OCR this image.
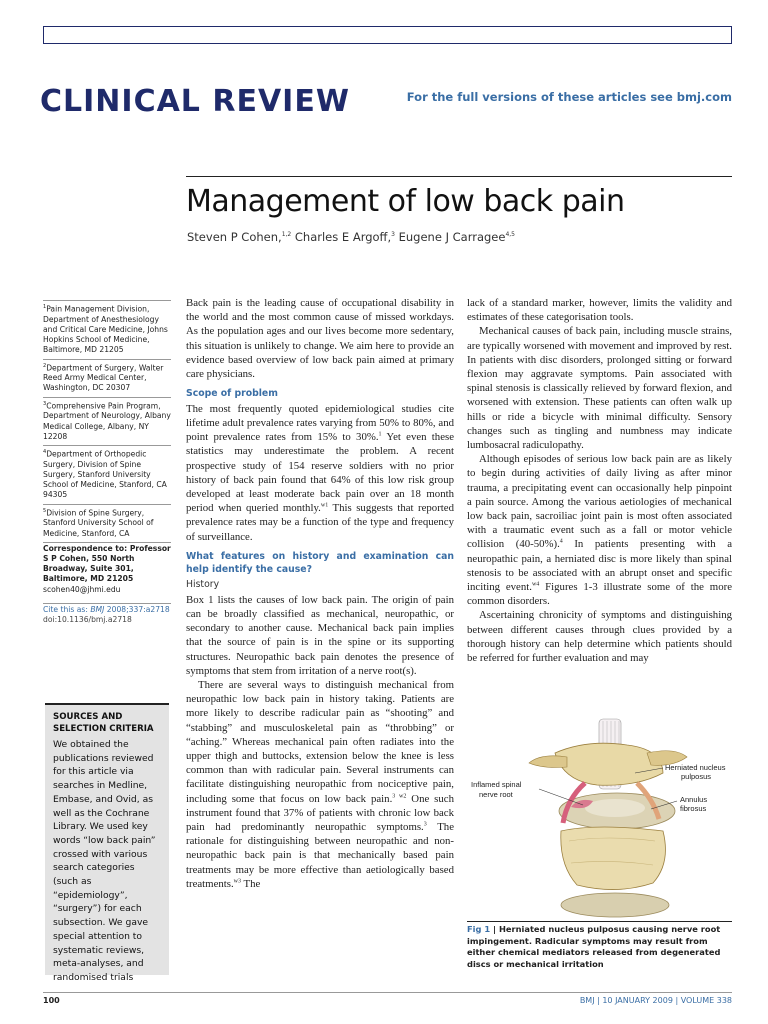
CLINICAL REVIEW	For the full versions of these articles see bmj.com
Management of low back pain
Steven P Cohen,$^{1,2}$ Charles E Argoff,$^3$ Eugene J Carragee$^{4,5}$
$^1$Pain Management Division, Department of Anesthesiology and Critical Care Medicine, Johns Hopkins School of Medicine, Baltimore, MD 21205
$^2$Department of Surgery, Walter Reed Army Medical Center, Washington, DC 20307
$^3$Comprehensive Pain Program, Department of Neurology, Albany Medical College, Albany, NY 12208
$^4$Department of Orthopedic Surgery, Division of Spine Surgery, Stanford University School of Medicine, Stanford, CA 94305
$^5$Division of Spine Surgery, Stanford University School of Medicine, Stanford, CA
Correspondence to: Professor
S P Cohen, 550 North Broadway, Suite 301, Baltimore, MD 21205
scohen40@jhmi.edu
Cite this as: BMJ 2008;337:a2718
doi:10.1136/bmj.a2718
SOURCES AND SELECTION CRITERIA
We obtained the publications reviewed for this article via searches in Medline, Embase, and Ovid, as well as the Cochrane Library. We used key words “low back pain” crossed with various search categories (such as “epidemiology”, “surgery”) for each subsection. We gave special attention to systematic reviews, meta-analyses, and randomised trials

Back pain is the leading cause of occupational disability in the world and the most common cause of missed workdays. As the population ages and our lives become more sedentary, this situation is unlikely to change. We aim here to provide an evidence based overview of low back pain aimed at primary care physicians.

Scope of problem

The most frequently quoted epidemiological studies cite lifetime adult prevalence rates varying from 50% to 80%, and point prevalence rates from 15% to 30%.$^1$ Yet even these statistics may underestimate the problem. A recent prospective study of 154 reserve soldiers with no prior history of back pain found that 64% of this low risk group developed at least moderate back pain over an 18 month period when queried monthly.$^{w1}$ This suggests that reported prevalence rates may be a function of the type and frequency of surveillance.

What features on history and examination can help identify the cause?
History

Box 1 lists the causes of low back pain. The origin of pain can be broadly classified as mechanical, neuropathic, or secondary to another cause. Mechanical back pain implies that the source of pain is in the spine or its supporting structures. Neuropathic back pain denotes the presence of symptoms that stem from irritation of a nerve root(s).

There are several ways to distinguish mechanical from neuropathic low back pain in history taking. Patients are more likely to describe radicular pain as “shooting” and “stabbing” and musculoskeletal pain as “throbbing” or “aching.” Whereas mechanical pain often radiates into the upper thigh and buttocks, extension below the knee is less common than with radicular pain. Several instruments can facilitate distinguishing neuropathic from nociceptive pain, including some that focus on low back pain.$^{3 w2}$ One such instrument found that 37% of patients with chronic low back pain had predominantly neuropathic symptoms.$^3$ The rationale for distinguishing between neuropathic and non-neuropathic back pain is that mechanically based pain treatments may be more effective than aetiologically based treatments.$^{w3}$ The

lack of a standard marker, however, limits the validity and estimates of these categorisation tools.

Mechanical causes of back pain, including muscle strains, are typically worsened with movement and improved by rest. In patients with disc disorders, prolonged sitting or forward flexion may aggravate symptoms. Pain associated with spinal stenosis is classically relieved by forward flexion, and worsened with extension. These patients can often walk up hills or ride a bicycle with minimal difficulty. Sensory changes such as tingling and numbness may indicate lumbosacral radiculopathy.

Although episodes of serious low back pain are as likely to begin during activities of daily living as after minor trauma, a precipitating event can occasionally help pinpoint a pain source. Among the various aetiologies of mechanical low back pain, sacroiliac joint pain is most often associated with a traumatic event such as a fall or motor vehicle collision (40-50%).$^4$ In patients presenting with a neuropathic pain, a herniated disc is more likely than spinal stenosis to be associated with an abrupt onset and specific inciting event.$^{w4}$ Figures 1-3 illustrate some of the more common disorders.

Ascertaining chronicity of symptoms and distinguishing between different causes through clues provided by a thorough history can help determine which patients should be referred for further evaluation and may

Herniated nucleus
pulposus
Inflamed spinal
nerve root
Annulus
fibrosus
Fig 1 | Herniated nucleus pulposus causing nerve root impingement. Radicular symptoms may result from either chemical mediators released from degenerated discs or mechanical irritation
100	BMJ | 10 JANUARY 2009 | VOLUME 338
